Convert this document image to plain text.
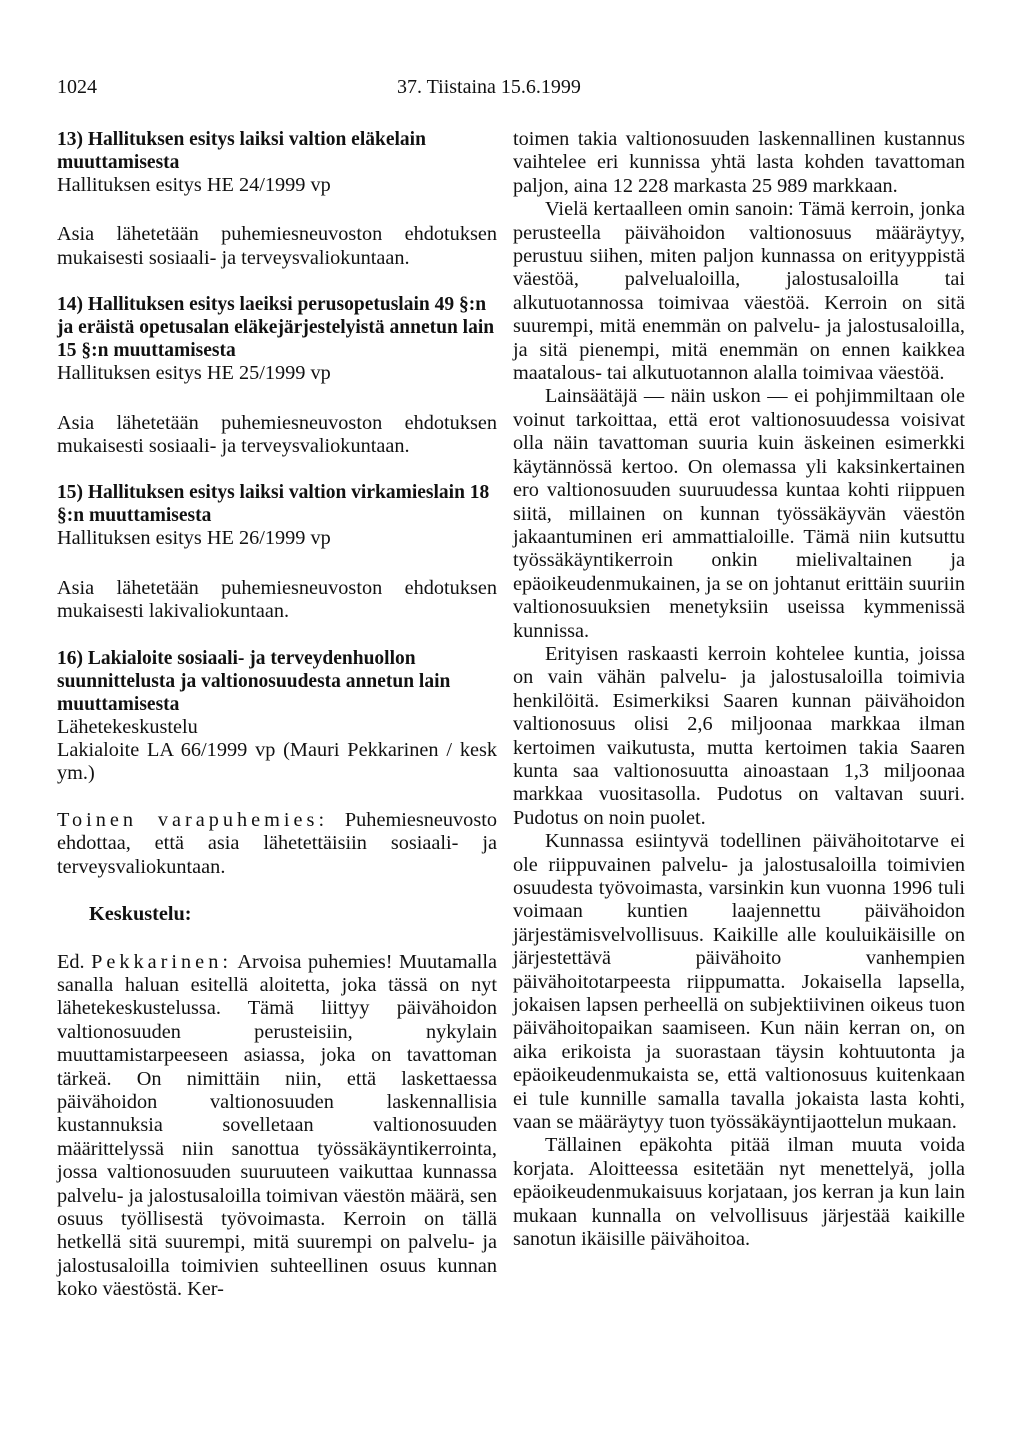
1024	37. Tiistaina 15.6.1999

13) Hallituksen esitys laiksi valtion eläkelain muuttamisesta

Hallituksen esitys HE 24/1999 vp

Asia lähetetään puhemiesneuvoston ehdotuksen mukaisesti sosiaali- ja terveysvaliokuntaan.

14) Hallituksen esitys laeiksi perusopetuslain 49 §:n ja eräistä opetusalan eläkejärjestelyistä annetun lain 15 §:n muuttamisesta

Hallituksen esitys HE 25/1999 vp

Asia lähetetään puhemiesneuvoston ehdotuksen mukaisesti sosiaali- ja terveysvaliokuntaan.

15) Hallituksen esitys laiksi valtion virkamieslain 18 §:n muuttamisesta

Hallituksen esitys HE 26/1999 vp

Asia lähetetään puhemiesneuvoston ehdotuksen mukaisesti lakivaliokuntaan.

16) Lakialoite sosiaali- ja terveydenhuollon suunnittelusta ja valtionosuudesta annetun lain muuttamisesta

Lähetekeskustelu

Lakialoite LA 66/1999 vp (Mauri Pekkarinen / kesk ym.)

Toinen varapuhemies: Puhemiesneuvosto ehdottaa, että asia lähetettäisiin sosiaali- ja terveysvaliokuntaan.

Keskustelu:

Ed. Pekkarinen: Arvoisa puhemies! Muutamalla sanalla haluan esitellä aloitetta, joka tässä on nyt lähetekeskustelussa. Tämä liittyy päivähoidon valtionosuuden perusteisiin, nykylain muuttamistarpeeseen asiassa, joka on tavattoman tärkeä. On nimittäin niin, että laskettaessa päivähoidon valtionosuuden laskennallisia kustannuksia sovelletaan valtionosuuden määrittelyssä niin sanottua työssäkäyntikerrointa, jossa valtionosuuden suuruuteen vaikuttaa kunnassa palvelu- ja jalostusaloilla toimivan väestön määrä, sen osuus työllisestä työvoimasta. Kerroin on tällä hetkellä sitä suurempi, mitä suurempi on palvelu- ja jalostusaloilla toimivien suhteellinen osuus kunnan koko väestöstä. Ker-

toimen takia valtionosuuden laskennallinen kustannus vaihtelee eri kunnissa yhtä lasta kohden tavattoman paljon, aina 12 228 markasta 25 989 markkaan.

Vielä kertaalleen omin sanoin: Tämä kerroin, jonka perusteella päivähoidon valtionosuus määräytyy, perustuu siihen, miten paljon kunnassa on erityyppistä väestöä, palvelualoilla, jalostusaloilla tai alkutuotannossa toimivaa väestöä. Kerroin on sitä suurempi, mitä enemmän on palvelu- ja jalostusaloilla, ja sitä pienempi, mitä enemmän on ennen kaikkea maatalous- tai alkutuotannon alalla toimivaa väestöä.

Lainsäätäjä — näin uskon — ei pohjimmiltaan ole voinut tarkoittaa, että erot valtionosuudessa voisivat olla näin tavattoman suuria kuin äskeinen esimerkki käytännössä kertoo. On olemassa yli kaksinkertainen ero valtionosuuden suuruudessa kuntaa kohti riippuen siitä, millainen on kunnan työssäkäyvän väestön jakaantuminen eri ammattialoille. Tämä niin kutsuttu työssäkäyntikerroin onkin mielivaltainen ja epäoikeudenmukainen, ja se on johtanut erittäin suuriin valtionosuuksien menetyksiin useissa kymmenissä kunnissa.

Erityisen raskaasti kerroin kohtelee kuntia, joissa on vain vähän palvelu- ja jalostusaloilla toimivia henkilöitä. Esimerkiksi Saaren kunnan päivähoidon valtionosuus olisi 2,6 miljoonaa markkaa ilman kertoimen vaikutusta, mutta kertoimen takia Saaren kunta saa valtionosuutta ainoastaan 1,3 miljoonaa markkaa vuositasolla. Pudotus on valtavan suuri. Pudotus on noin puolet.

Kunnassa esiintyvä todellinen päivähoitotarve ei ole riippuvainen palvelu- ja jalostusaloilla toimivien osuudesta työvoimasta, varsinkin kun vuonna 1996 tuli voimaan kuntien laajennettu päivähoidon järjestämisvelvollisuus. Kaikille alle kouluikäisille on järjestettävä päivähoito vanhempien päivähoitotarpeesta riippumatta. Jokaisella lapsella, jokaisen lapsen perheellä on subjektiivinen oikeus tuon päivähoitopaikan saamiseen. Kun näin kerran on, on aika erikoista ja suorastaan täysin kohtuutonta ja epäoikeudenmukaista se, että valtionosuus kuitenkaan ei tule kunnille samalla tavalla jokaista lasta kohti, vaan se määräytyy tuon työssäkäyntijaottelun mukaan.

Tällainen epäkohta pitää ilman muuta voida korjata. Aloitteessa esitetään nyt menettelyä, jolla epäoikeudenmukaisuus korjataan, jos kerran ja kun lain mukaan kunnalla on velvollisuus järjestää kaikille sanotun ikäisille päivähoitoa.
